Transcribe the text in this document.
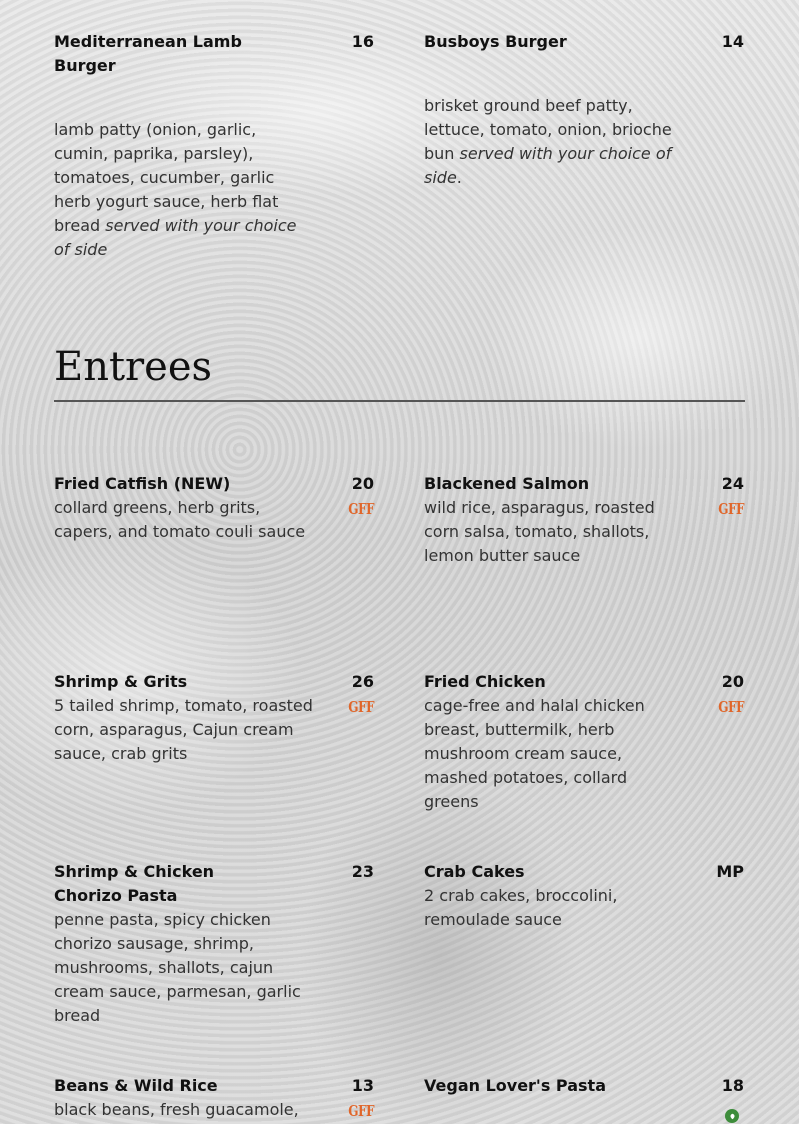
Mediterranean Lamb Burger

16

lamb patty (onion, garlic, cumin, paprika, parsley), tomatoes, cucumber, garlic herb yogurt sauce, herb flat bread served with your choice of side

Busboys Burger	14

brisket ground beef patty, lettuce, tomato, onion, brioche bun served with your choice of side.

Entrees

Fried Catfish (NEW)	20
GFF

collard greens, herb grits, capers, and tomato couli sauce

Blackened Salmon	24
GFF

wild rice, asparagus, roasted corn salsa, tomato, shallots, lemon butter sauce

Shrimp & Grits	26
GFF

5 tailed shrimp, tomato, roasted corn, asparagus, Cajun cream sauce, crab grits

Fried Chicken	20
GFF

cage-free and halal chicken breast, buttermilk, herb mushroom cream sauce, mashed potatoes, collard greens

Shrimp & Chicken Chorizo Pasta

23

penne pasta, spicy chicken chorizo sausage, shrimp, mushrooms, shallots, cajun cream sauce, parmesan, garlic bread

Crab Cakes	MP

2 crab cakes, broccolini, remoulade sauce

Beans & Wild Rice	13
GFF

black beans, fresh guacamole,

Vegan Lover's Pasta	18
